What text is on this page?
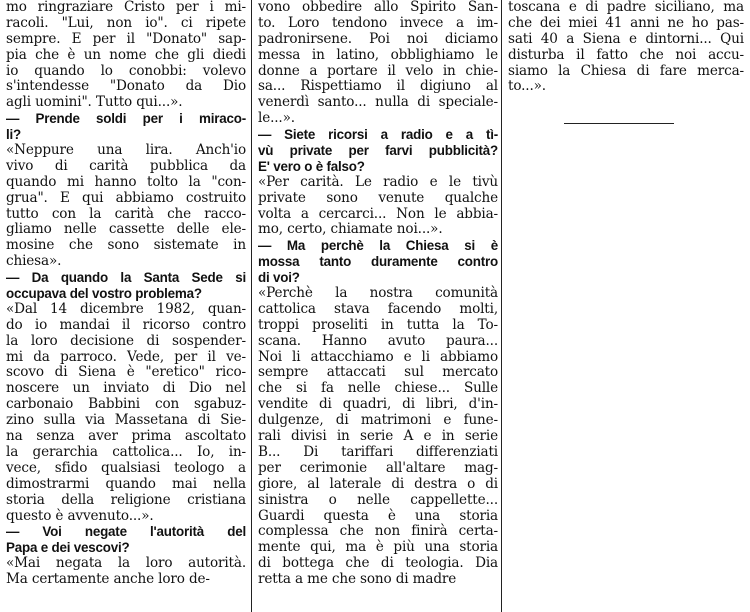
mo ringraziare Cristo per i mi-
racoli. "Lui, non io". ci ripete
sempre. E per il "Donato" sap-
pia che è un nome che gli diedi
io quando lo conobbi: volevo
s'intendesse "Donato da Dio
agli uomini". Tutto qui...».
— Prende soldi per i miraco-
li?
«Neppure una lira. Anch'io
vivo di carità pubblica da
quando mi hanno tolto la "con-
grua". E qui abbiamo costruito
tutto con la carità che racco-
gliamo nelle cassette delle ele-
mosine che sono sistemate in
chiesa».
— Da quando la Santa Sede si
occupava del vostro problema?
«Dal 14 dicembre 1982, quan-
do io mandai il ricorso contro
la loro decisione di sospender-
mi da parroco. Vede, per il ve-
scovo di Siena è "eretico" rico-
noscere un inviato di Dio nel
carbonaio Babbini con sgabuz-
zino sulla via Massetana di Sie-
na senza aver prima ascoltato
la gerarchia cattolica... Io, in-
vece, sfido qualsiasi teologo a
dimostrarmi quando mai nella
storia della religione cristiana
questo è avvenuto...».
— Voi negate l'autorità del
Papa e dei vescovi?
«Mai negata la loro autorità.
Ma certamente anche loro de-
vono obbedire allo Spirito San-
to. Loro tendono invece a im-
padronirsene. Poi noi diciamo
messa in latino, obblighiamo le
donne a portare il velo in chie-
sa... Rispettiamo il digiuno al
venerdì santo... nulla di speciale-
le...».
— Siete ricorsi a radio e a tì-
vù private per farvi pubblicità?
E' vero o è falso?
«Per carità. Le radio e le tivù
private sono venute qualche
volta a cercarci... Non le abbia-
mo, certo, chiamate noi...».
— Ma perchè la Chiesa si è
mossa tanto duramente contro
di voi?
«Perchè la nostra comunità
cattolica stava facendo molti,
troppi proseliti in tutta la To-
scana. Hanno avuto paura...
Noi li attacchiamo e li abbiamo
sempre attaccati sul mercato
che si fa nelle chiese... Sulle
vendite di quadri, di libri, d'in-
dulgenze, di matrimoni e fune-
rali divisi in serie A e in serie
B... Di tariffari differenziati
per cerimonie all'altare mag-
giore, al laterale di destra o di
sinistra o nelle cappellette...
Guardi questa è una storia
complessa che non finirà certa-
mente qui, ma è più una storia
di bottega che di teologia. Dia
retta a me che sono di madre
toscana e di padre siciliano, ma
che dei miei 41 anni ne ho pas-
sati 40 a Siena e dintorni... Qui
disturba il fatto che noi accu-
siamo la Chiesa di fare merca-
to...».
